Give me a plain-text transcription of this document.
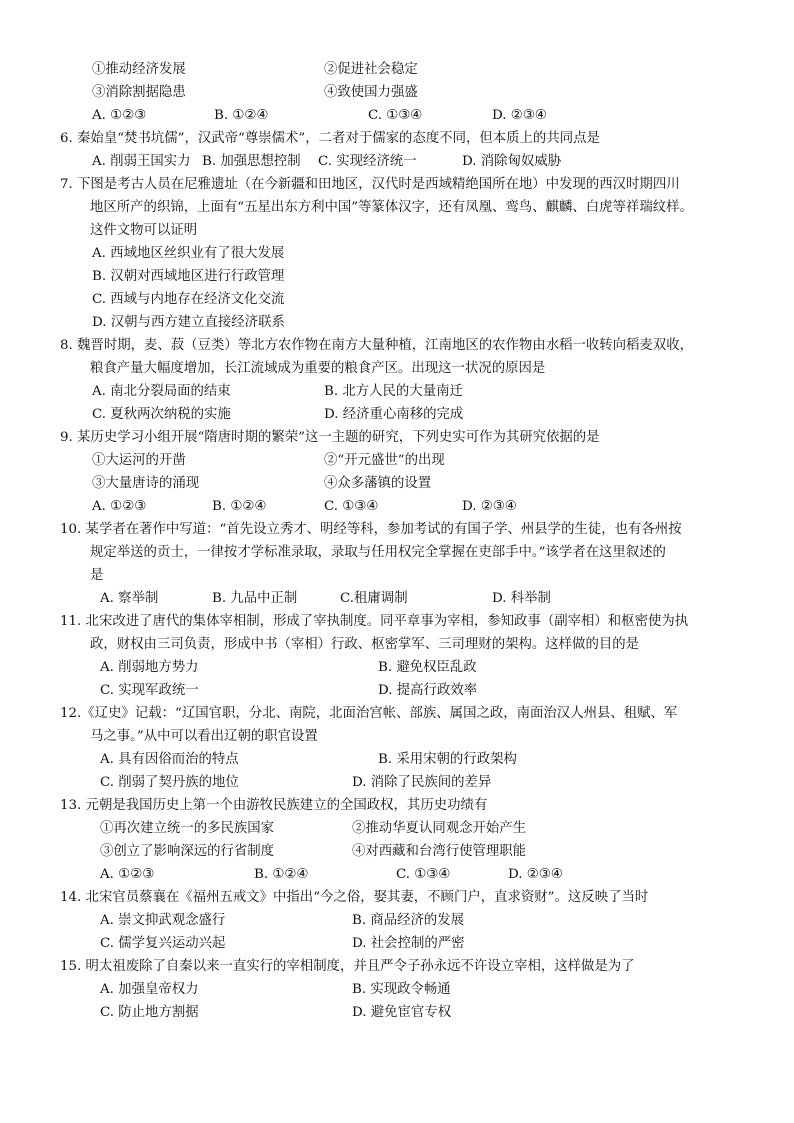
①推动经济发展	②促进社会稳定
③消除割据隐患	④致使国力强盛
A. ①②③	B. ①②④	C. ①③④	D. ②③④
6. 秦始皇“焚书坑儒”，汉武帝“尊崇儒术”，二者对于儒家的态度不同，但本质上的共同点是
A. 削弱王国实力 B. 加强思想控制 C. 实现经济统一	D. 消除匈奴威胁
7. 下图是考古人员在尼雅遗址（在今新疆和田地区，汉代时是西域精绝国所在地）中发现的西汉时期四川
地区所产的织锦，上面有“五星出东方利中国”等篆体汉字，还有凤凰、鸾鸟、麒麟、白虎等祥瑞纹样。
这件文物可以证明
A. 西域地区丝织业有了很大发展
B. 汉朝对西域地区进行行政管理
C. 西域与内地存在经济文化交流
D. 汉朝与西方建立直接经济联系
8. 魏晋时期，麦、菽（豆类）等北方农作物在南方大量种植，江南地区的农作物由水稻一收转向稻麦双收，
粮食产量大幅度增加，长江流域成为重要的粮食产区。出现这一状况的原因是
A. 南北分裂局面的结束	B. 北方人民的大量南迁
C. 夏秋两次纳税的实施	D. 经济重心南移的完成
9. 某历史学习小组开展“隋唐时期的繁荣”这一主题的研究，下列史实可作为其研究依据的是
①大运河的开凿	②“开元盛世”的出现
③大量唐诗的涌现	④众多藩镇的设置
A. ①②③	B. ①②④	C. ①③④	D. ②③④
10. 某学者在著作中写道：“首先设立秀才、明经等科，参加考试的有国子学、州县学的生徒，也有各州按
规定举送的贡士，一律按才学标准录取，录取与任用权完全掌握在吏部手中。”该学者在这里叙述的
是
A. 察举制	B. 九品中正制	C.租庸调制	D. 科举制
11. 北宋改进了唐代的集体宰相制，形成了宰执制度。同平章事为宰相，参知政事（副宰相）和枢密使为执
政，财权由三司负责，形成中书（宰相）行政、枢密掌军、三司理财的架构。这样做的目的是
A. 削弱地方势力	B. 避免权臣乱政
C. 实现军政统一	D. 提高行政效率
12.《辽史》记载：“辽国官职，分北、南院，北面治宫帐、部族、属国之政，南面治汉人州县、租赋、军
马之事。”从中可以看出辽朝的职官设置
A. 具有因俗而治的特点	B. 采用宋朝的行政架构
C. 削弱了契丹族的地位	D. 消除了民族间的差异
13. 元朝是我国历史上第一个由游牧民族建立的全国政权，其历史功绩有
①再次建立统一的多民族国家	②推动华夏认同观念开始产生
③创立了影响深远的行省制度	④对西藏和台湾行使管理职能
A. ①②③	B. ①②④	C. ①③④	D. ②③④
14. 北宋官员蔡襄在《福州五戒文》中指出“今之俗，娶其妻，不顾门户，直求资财”。这反映了当时
A. 崇文抑武观念盛行	B. 商品经济的发展
C. 儒学复兴运动兴起	D. 社会控制的严密
15. 明太祖废除了自秦以来一直实行的宰相制度，并且严令子孙永远不许设立宰相，这样做是为了
A. 加强皇帝权力	B. 实现政令畅通
C. 防止地方割据	D. 避免宦官专权
